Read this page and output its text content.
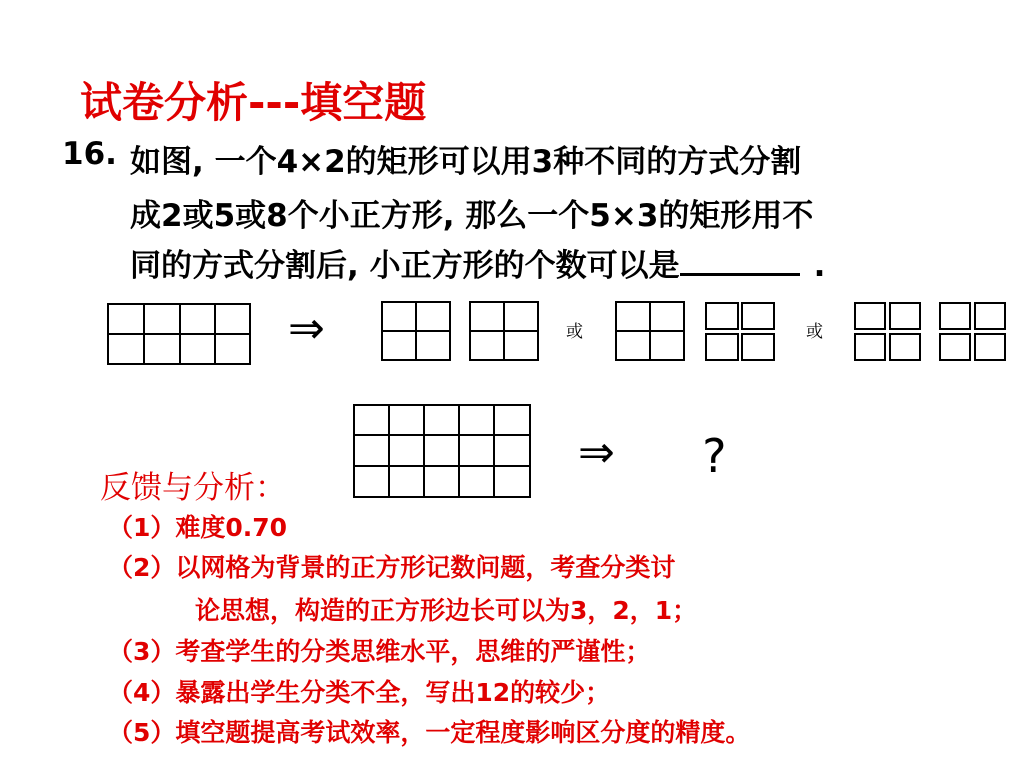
试卷分析---填空题
16. 如图, 一个4×2的矩形可以用3种不同的方式分割
成2或5或8个小正方形, 那么一个5×3的矩形用不
同的方式分割后, 小正方形的个数可以是	.
⇒	或	或
⇒ ?
反馈与分析：
（1）难度0.70
（2）以网格为背景的正方形记数问题，考查分类讨
论思想，构造的正方形边长可以为3，2，1；
（3）考查学生的分类思维水平，思维的严谨性；
（4）暴露出学生分类不全，写出12的较少；
（5）填空题提高考试效率，一定程度影响区分度的精度。
